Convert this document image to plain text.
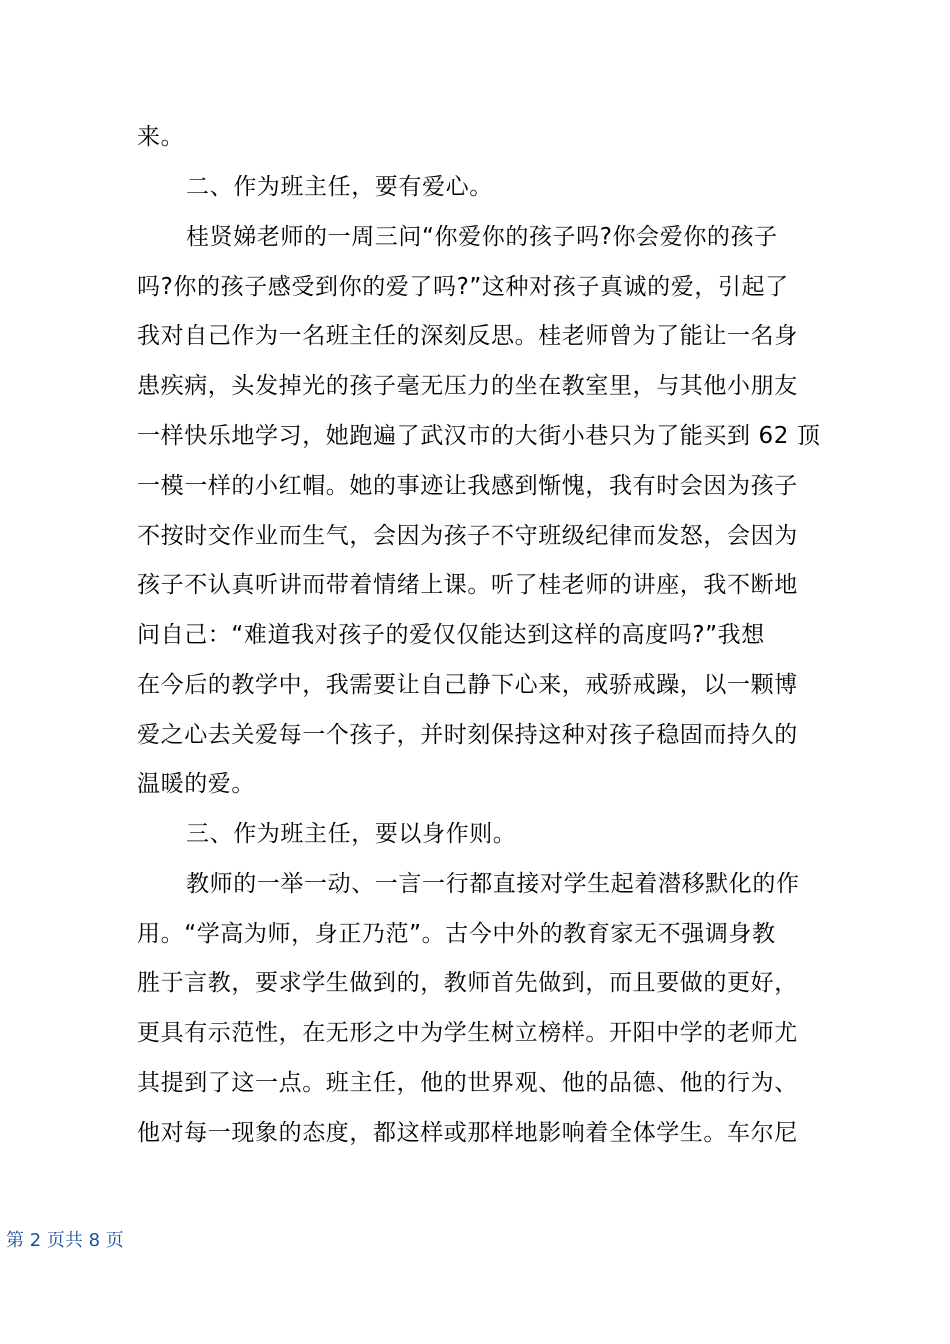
来。
二、作为班主任，要有爱心。
桂贤娣老师的一周三问“你爱你的孩子吗?你会爱你的孩子
吗?你的孩子感受到你的爱了吗?”这种对孩子真诚的爱，引起了
我对自己作为一名班主任的深刻反思。桂老师曾为了能让一名身
患疾病，头发掉光的孩子毫无压力的坐在教室里，与其他小朋友
一样快乐地学习，她跑遍了武汉市的大街小巷只为了能买到 62 顶
一模一样的小红帽。她的事迹让我感到惭愧，我有时会因为孩子
不按时交作业而生气，会因为孩子不守班级纪律而发怒，会因为
孩子不认真听讲而带着情绪上课。听了桂老师的讲座，我不断地
问自己：“难道我对孩子的爱仅仅能达到这样的高度吗?”我想
在今后的教学中，我需要让自己静下心来，戒骄戒躁，以一颗博
爱之心去关爱每一个孩子，并时刻保持这种对孩子稳固而持久的
温暖的爱。
三、作为班主任，要以身作则。
教师的一举一动、一言一行都直接对学生起着潜移默化的作
用。“学高为师，身正乃范”。古今中外的教育家无不强调身教
胜于言教，要求学生做到的，教师首先做到，而且要做的更好，
更具有示范性，在无形之中为学生树立榜样。开阳中学的老师尤
其提到了这一点。班主任，他的世界观、他的品德、他的行为、
他对每一现象的态度，都这样或那样地影响着全体学生。车尔尼
第 2 页共 8 页
